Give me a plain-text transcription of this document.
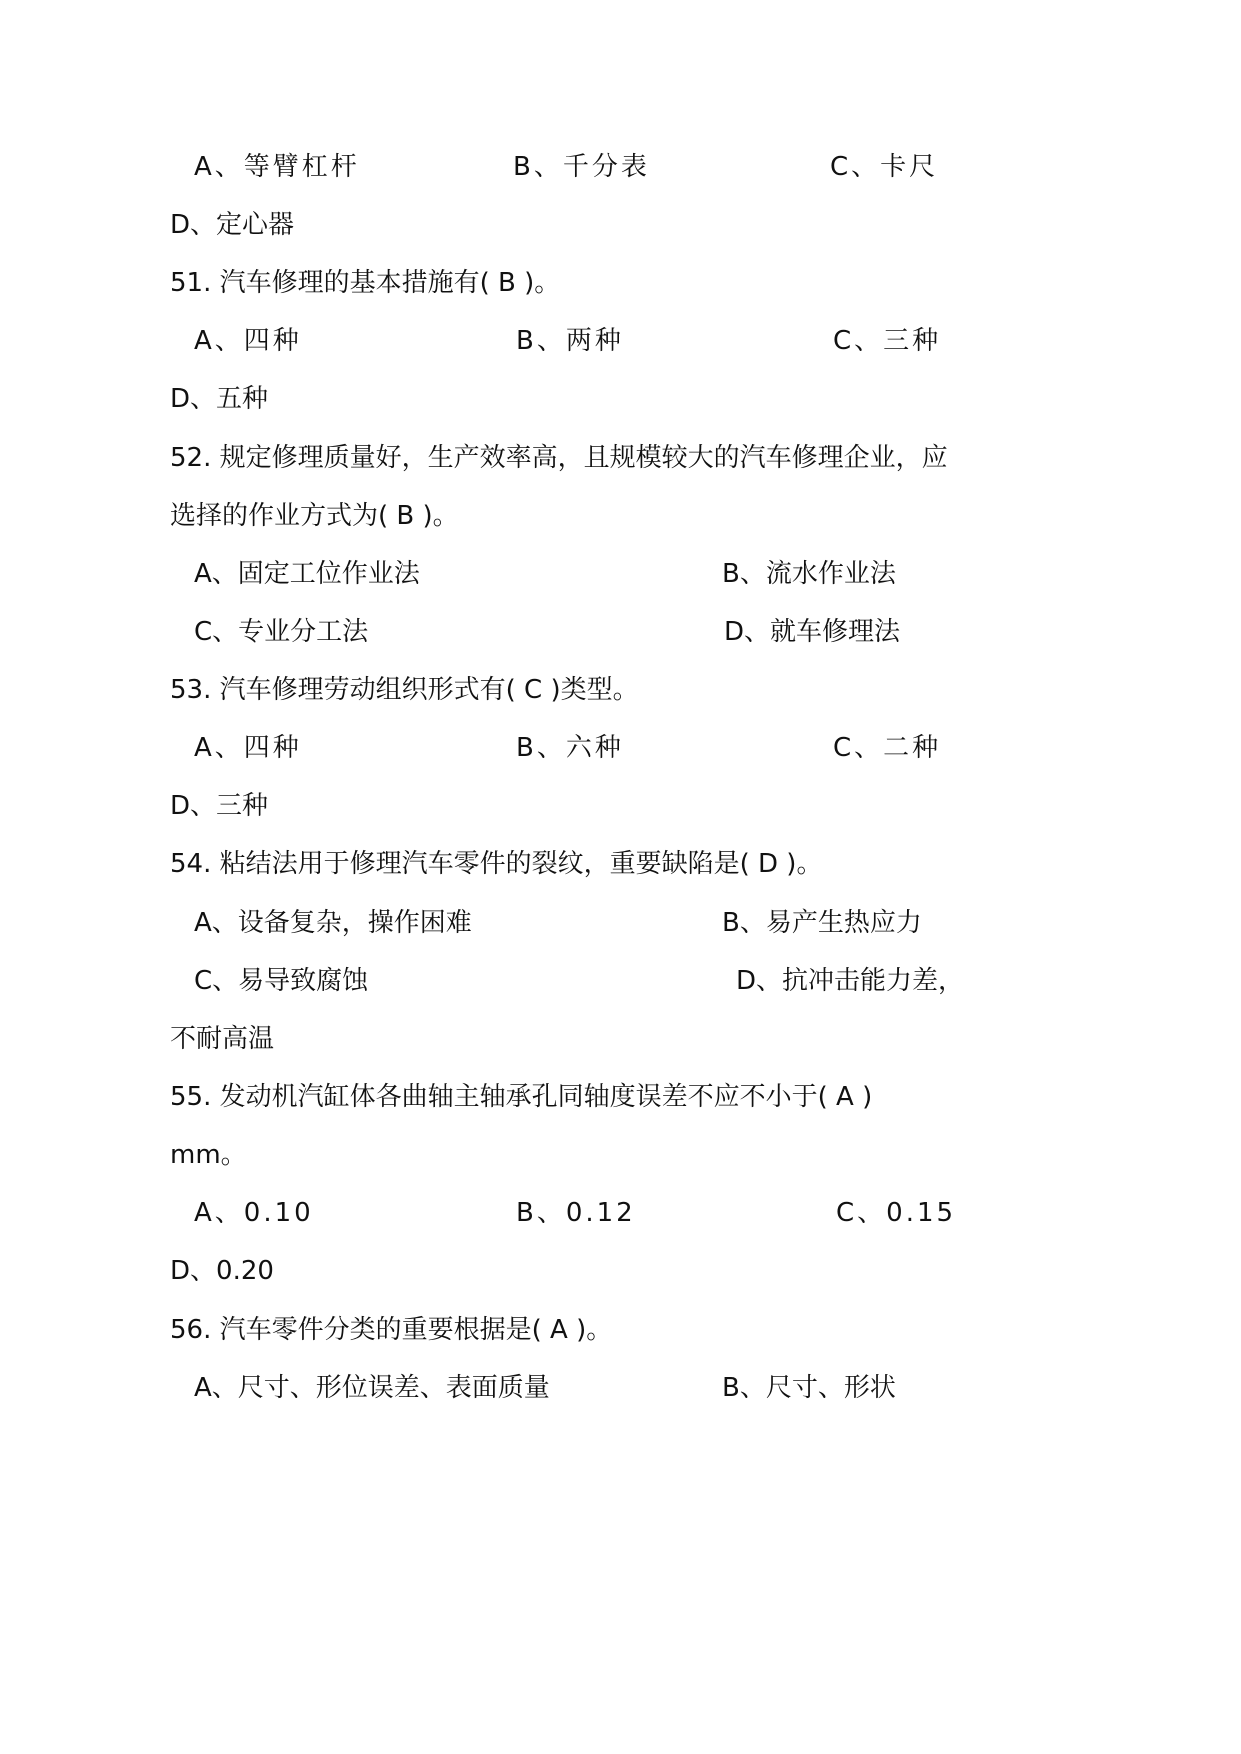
A、等臂杠杆	B、千分表	C、卡尺
D、定心器
51. 汽车修理的基本措施有( B )。
A、四种	B、两种	C、三种
D、五种
52. 规定修理质量好，生产效率高，且规模较大的汽车修理企业，应
选择的作业方式为( B )。
A、固定工位作业法	B、流水作业法
C、专业分工法	D、就车修理法
53. 汽车修理劳动组织形式有( C )类型。
A、四种	B、六种	C、二种
D、三种
54. 粘结法用于修理汽车零件的裂纹，重要缺陷是( D )。
A、设备复杂，操作困难	B、易产生热应力
C、易导致腐蚀	D、抗冲击能力差，
不耐高温
55. 发动机汽缸体各曲轴主轴承孔同轴度误差不应不小于( A )
mm。
A、0.10	B、0.12	C、0.15
D、0.20
56. 汽车零件分类的重要根据是( A )。
A、尺寸、形位误差、表面质量	B、尺寸、形状
